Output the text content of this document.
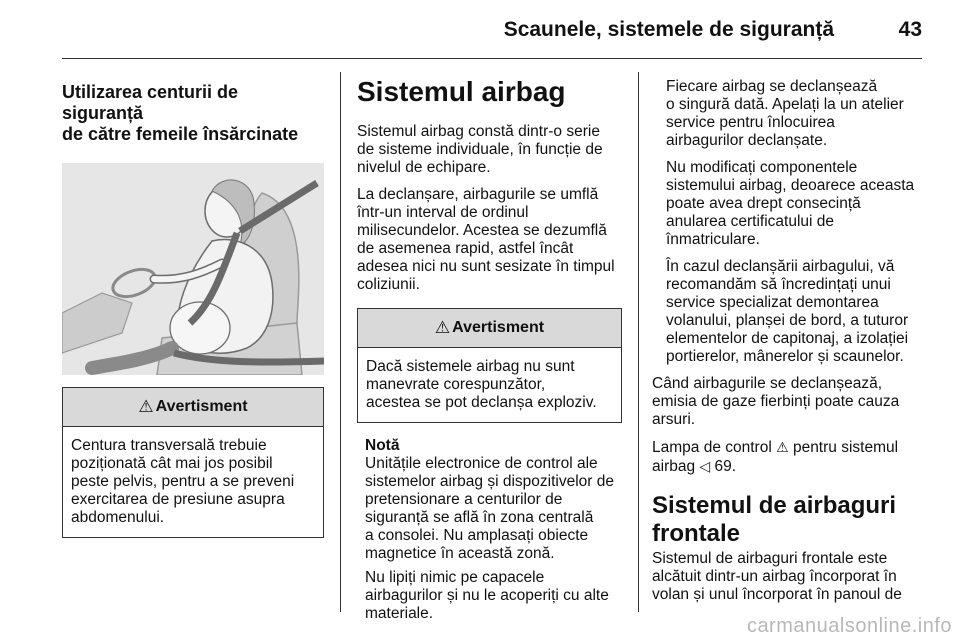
Scaunele, sistemele de siguranță	43
Utilizarea centurii de siguranță
de către femeile însărcinate
⚠ Avertisment
Centura transversală trebuie
poziționată cât mai jos posibil
peste pelvis, pentru a se preveni
exercitarea de presiune asupra
abdomenului.
Sistemul airbag

Sistemul airbag constă dintr-o serie
de sisteme individuale, în funcție de
nivelul de echipare.

La declanșare, airbagurile se umflă
într-un interval de ordinul
milisecundelor. Acestea se dezumflă
de asemenea rapid, astfel încât
adesea nici nu sunt sesizate în timpul
coliziunii.

⚠ Avertisment
Dacă sistemele airbag nu sunt
manevrate corespunzător,
acestea se pot declanșa exploziv.
Notă

Unitățile electronice de control ale
sistemelor airbag și dispozitivelor de
pretensionare a centurilor de
siguranță se află în zona centrală
a consolei. Nu amplasați obiecte
magnetice în această zonă.

Nu lipiți nimic pe capacele
airbagurilor și nu le acoperiți cu alte
materiale.

Fiecare airbag se declanșează
o singură dată. Apelați la un atelier
service pentru înlocuirea
airbagurilor declanșate.

Nu modificați componentele
sistemului airbag, deoarece aceasta
poate avea drept consecință
anularea certificatului de
înmatriculare.

În cazul declanșării airbagului, vă
recomandăm să încredințați unui
service specializat demontarea
volanului, planșei de bord, a tuturor
elementelor de capitonaj, a izolației
portierelor, mânerelor și scaunelor.

Când airbagurile se declanșează,
emisia de gaze fierbinți poate cauza
arsuri.

Lampa de control ⚠ pentru sistemul
airbag ◁ 69.

Sistemul de airbaguri
frontale

Sistemul de airbaguri frontale este
alcătuit dintr-un airbag încorporat în
volan și unul încorporat în panoul de

carmanualsonline.info
